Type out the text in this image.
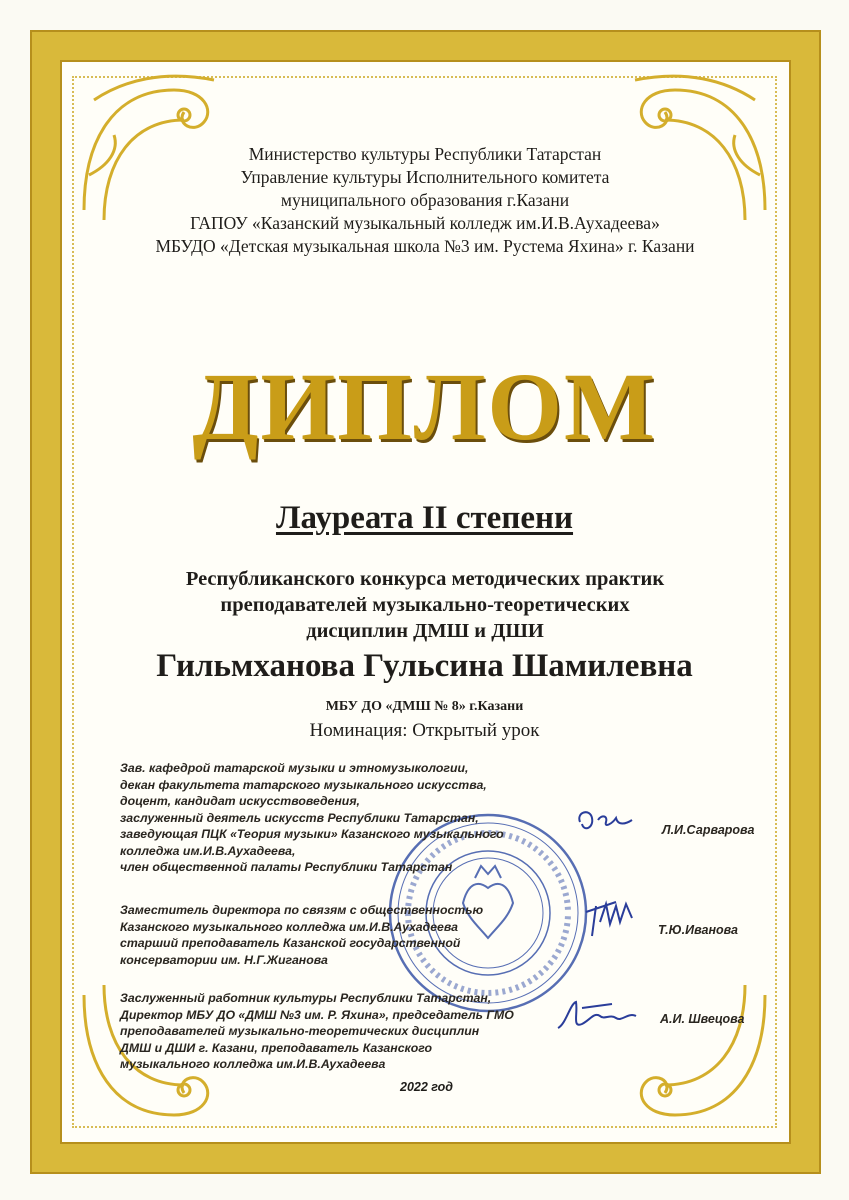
Министерство культуры Республики Татарстан
Управление культуры Исполнительного комитета
муниципального образования г.Казани
ГАПОУ «Казанский музыкальный колледж им.И.В.Аухадеева»
МБУДО «Детская музыкальная школа №3 им. Рустема Яхина» г. Казани
ДИПЛОМ
Лауреата II степени
Республиканского конкурса методических практик
преподавателей музыкально-теоретических
дисциплин ДМШ и ДШИ
Гильмханова Гульсина Шамилевна
МБУ ДО «ДМШ № 8» г.Казани
Номинация: Открытый урок
Зав. кафедрой татарской музыки и этномузыкологии,
декан факультета татарского музыкального искусства,
доцент, кандидат искусствоведения,
заслуженный деятель искусств Республики Татарстан,
заведующая ПЦК «Теория музыки» Казанского музыкального
колледжа им.И.В.Аухадеева,
член общественной палаты Республики Татарстан
Л.И.Сарварова
Заместитель директора по связям с общественностью
Казанского музыкального колледжа им.И.В.Аухадеева
старший преподаватель Казанской государственной
консерватории им. Н.Г.Жиганова
Т.Ю.Иванова
Заслуженный работник культуры Республики Татарстан,
Директор МБУ ДО «ДМШ №3 им. Р. Яхина», председатель ГМО
преподавателей музыкально-теоретических дисциплин
ДМШ и ДШИ г. Казани, преподаватель Казанского
музыкального колледжа им.И.В.Аухадеева
А.И. Швецова
2022 год
